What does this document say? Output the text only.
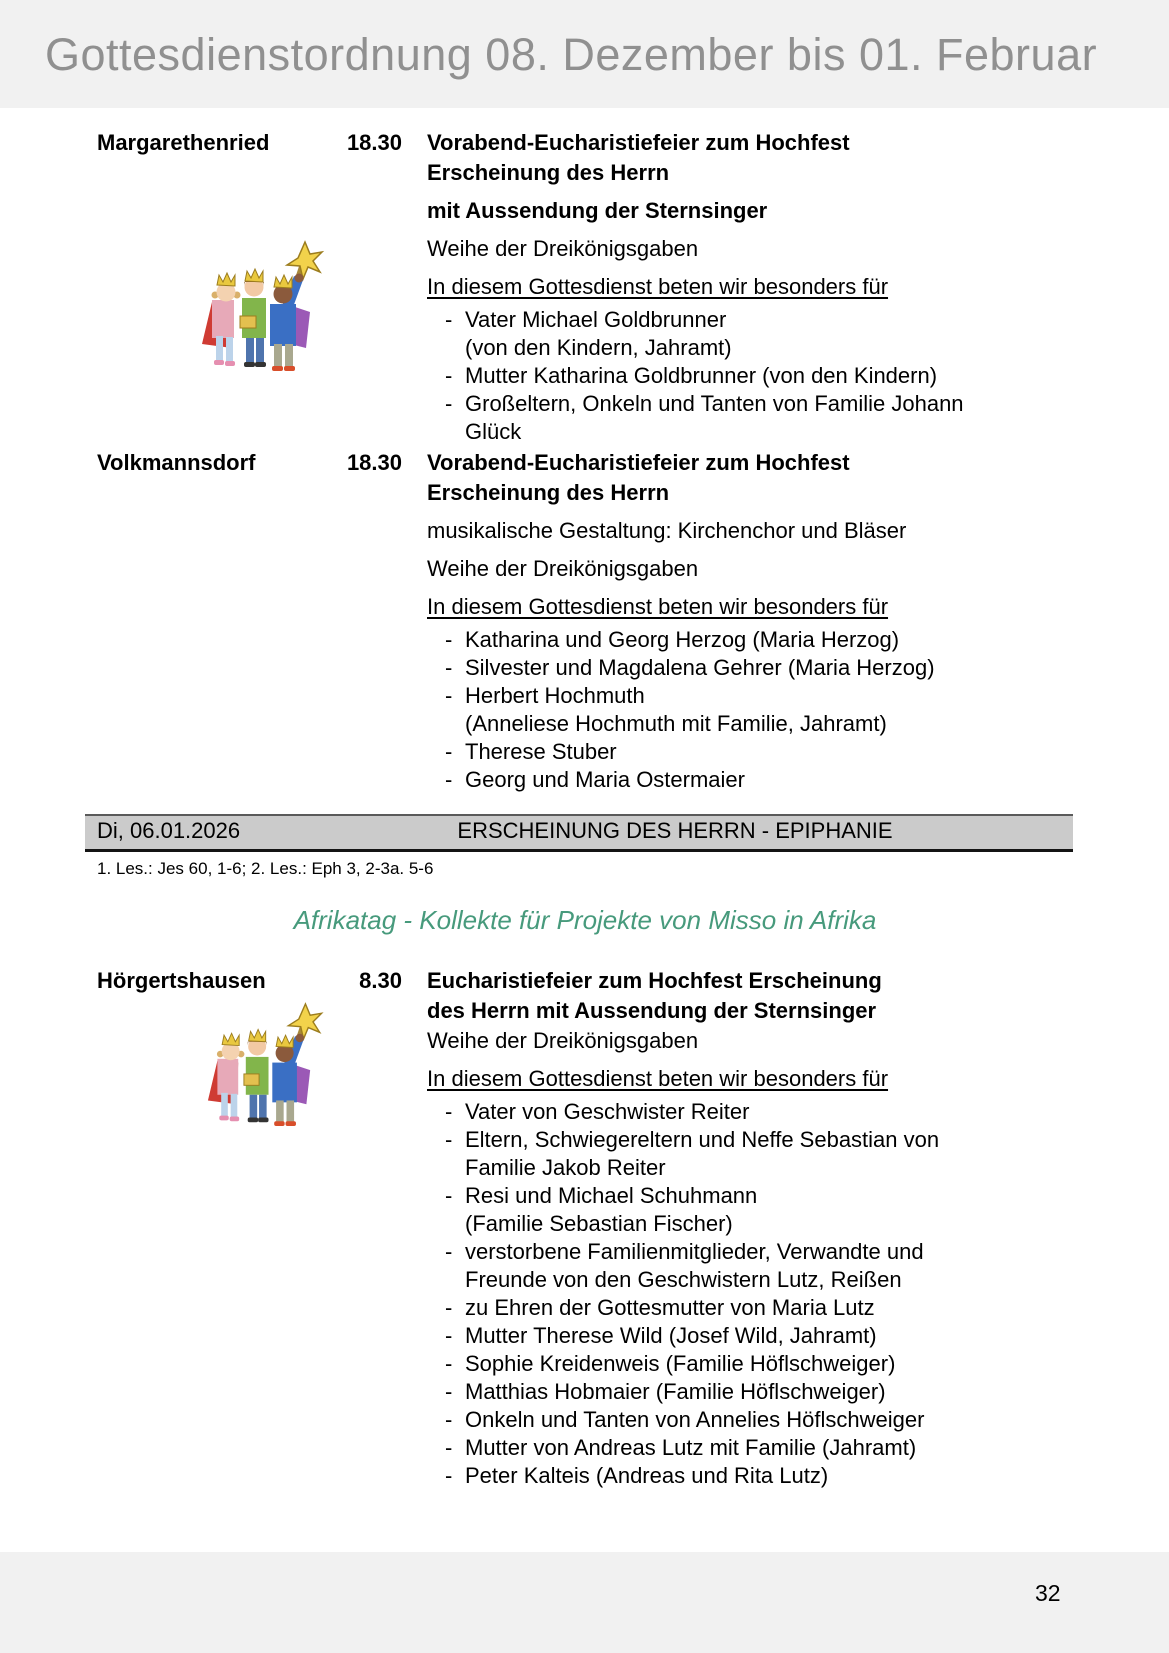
Gottesdienstordnung 08. Dezember bis 01. Februar
Margarethenried	18.30 Vorabend-Eucharistiefeier zum Hochfest
Erscheinung des Herrn

mit Aussendung der Sternsinger

Weihe der Dreikönigsgaben

In diesem Gottesdienst beten wir besonders für

- Vater Michael Goldbrunner
(von den Kindern, Jahramt)
- Mutter Katharina Goldbrunner (von den Kindern)
- Großeltern, Onkeln und Tanten von Familie Johann
Glück
Volkmannsdorf	18.30 Vorabend-Eucharistiefeier zum Hochfest
Erscheinung des Herrn

musikalische Gestaltung: Kirchenchor und Bläser

Weihe der Dreikönigsgaben

In diesem Gottesdienst beten wir besonders für

- Katharina und Georg Herzog (Maria Herzog)
- Silvester und Magdalena Gehrer (Maria Herzog)
- Herbert Hochmuth
(Anneliese Hochmuth mit Familie, Jahramt)
- Therese Stuber
- Georg und Maria Ostermaier
Di, 06.01.2026	ERSCHEINUNG DES HERRN - EPIPHANIE

1. Les.: Jes 60, 1-6; 2. Les.: Eph 3, 2-3a. 5-6

Afrikatag - Kollekte für Projekte von Misso in Afrika

Hörgertshausen	8.30 Eucharistiefeier zum Hochfest Erscheinung
des Herrn mit Aussendung der Sternsinger

Weihe der Dreikönigsgaben

In diesem Gottesdienst beten wir besonders für

- Vater von Geschwister Reiter
- Eltern, Schwiegereltern und Neffe Sebastian von
Familie Jakob Reiter
- Resi und Michael Schuhmann
(Familie Sebastian Fischer)
- verstorbene Familienmitglieder, Verwandte und
Freunde von den Geschwistern Lutz, Reißen
- zu Ehren der Gottesmutter von Maria Lutz
- Mutter Therese Wild (Josef Wild, Jahramt)
- Sophie Kreidenweis (Familie Höflschweiger)
- Matthias Hobmaier (Familie Höflschweiger)
- Onkeln und Tanten von Annelies Höflschweiger
- Mutter von Andreas Lutz mit Familie (Jahramt)
- Peter Kalteis (Andreas und Rita Lutz)
32
